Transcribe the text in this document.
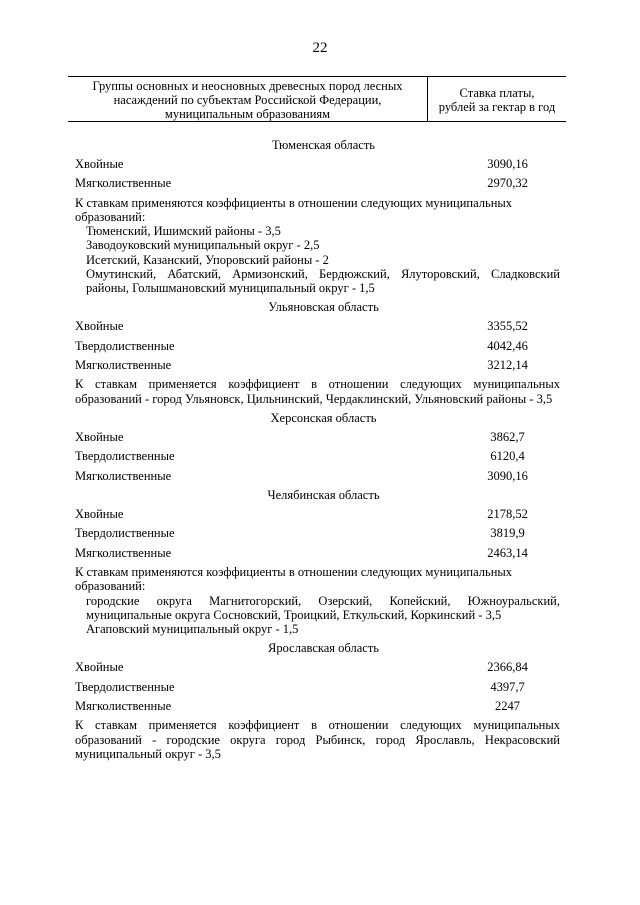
22
Группы основных и неосновных древесных пород лесных
насаждений по субъектам Российской Федерации,
муниципальным образованиям
Ставка платы,
рублей за гектар в год
Тюменская область
Хвойные	3090,16
Мягколиственные	2970,32
К ставкам применяются коэффициенты в отношении следующих муниципальных
образований:
Тюменский, Ишимский районы - 3,5
Заводоуковский муниципальный округ - 2,5
Исетский, Казанский, Упоровский районы - 2
Омутинский, Абатский, Армизонский, Бердюжский, Ялуторовский, Сладковский районы, Голышмановский муниципальный округ - 1,5
Ульяновская область
Хвойные	3355,52
Твердолиственные	4042,46
Мягколиственные	3212,14
К ставкам применяется коэффициент в отношении следующих муниципальных образований - город Ульяновск, Цильнинский, Чердаклинский, Ульяновский районы - 3,5
Херсонская область
Хвойные	3862,7
Твердолиственные	6120,4
Мягколиственные	3090,16
Челябинская область
Хвойные	2178,52
Твердолиственные	3819,9
Мягколиственные	2463,14
К ставкам применяются коэффициенты в отношении следующих муниципальных
образований:
городские округа Магнитогорский, Озерский, Копейский, Южноуральский, муниципальные округа Сосновский, Троицкий, Еткульский, Коркинский - 3,5
Агаповский муниципальный округ - 1,5
Ярославская область
Хвойные	2366,84
Твердолиственные	4397,7
Мягколиственные	2247
К ставкам применяется коэффициент в отношении следующих муниципальных образований - городские округа город Рыбинск, город Ярославль, Некрасовский муниципальный округ - 3,5
